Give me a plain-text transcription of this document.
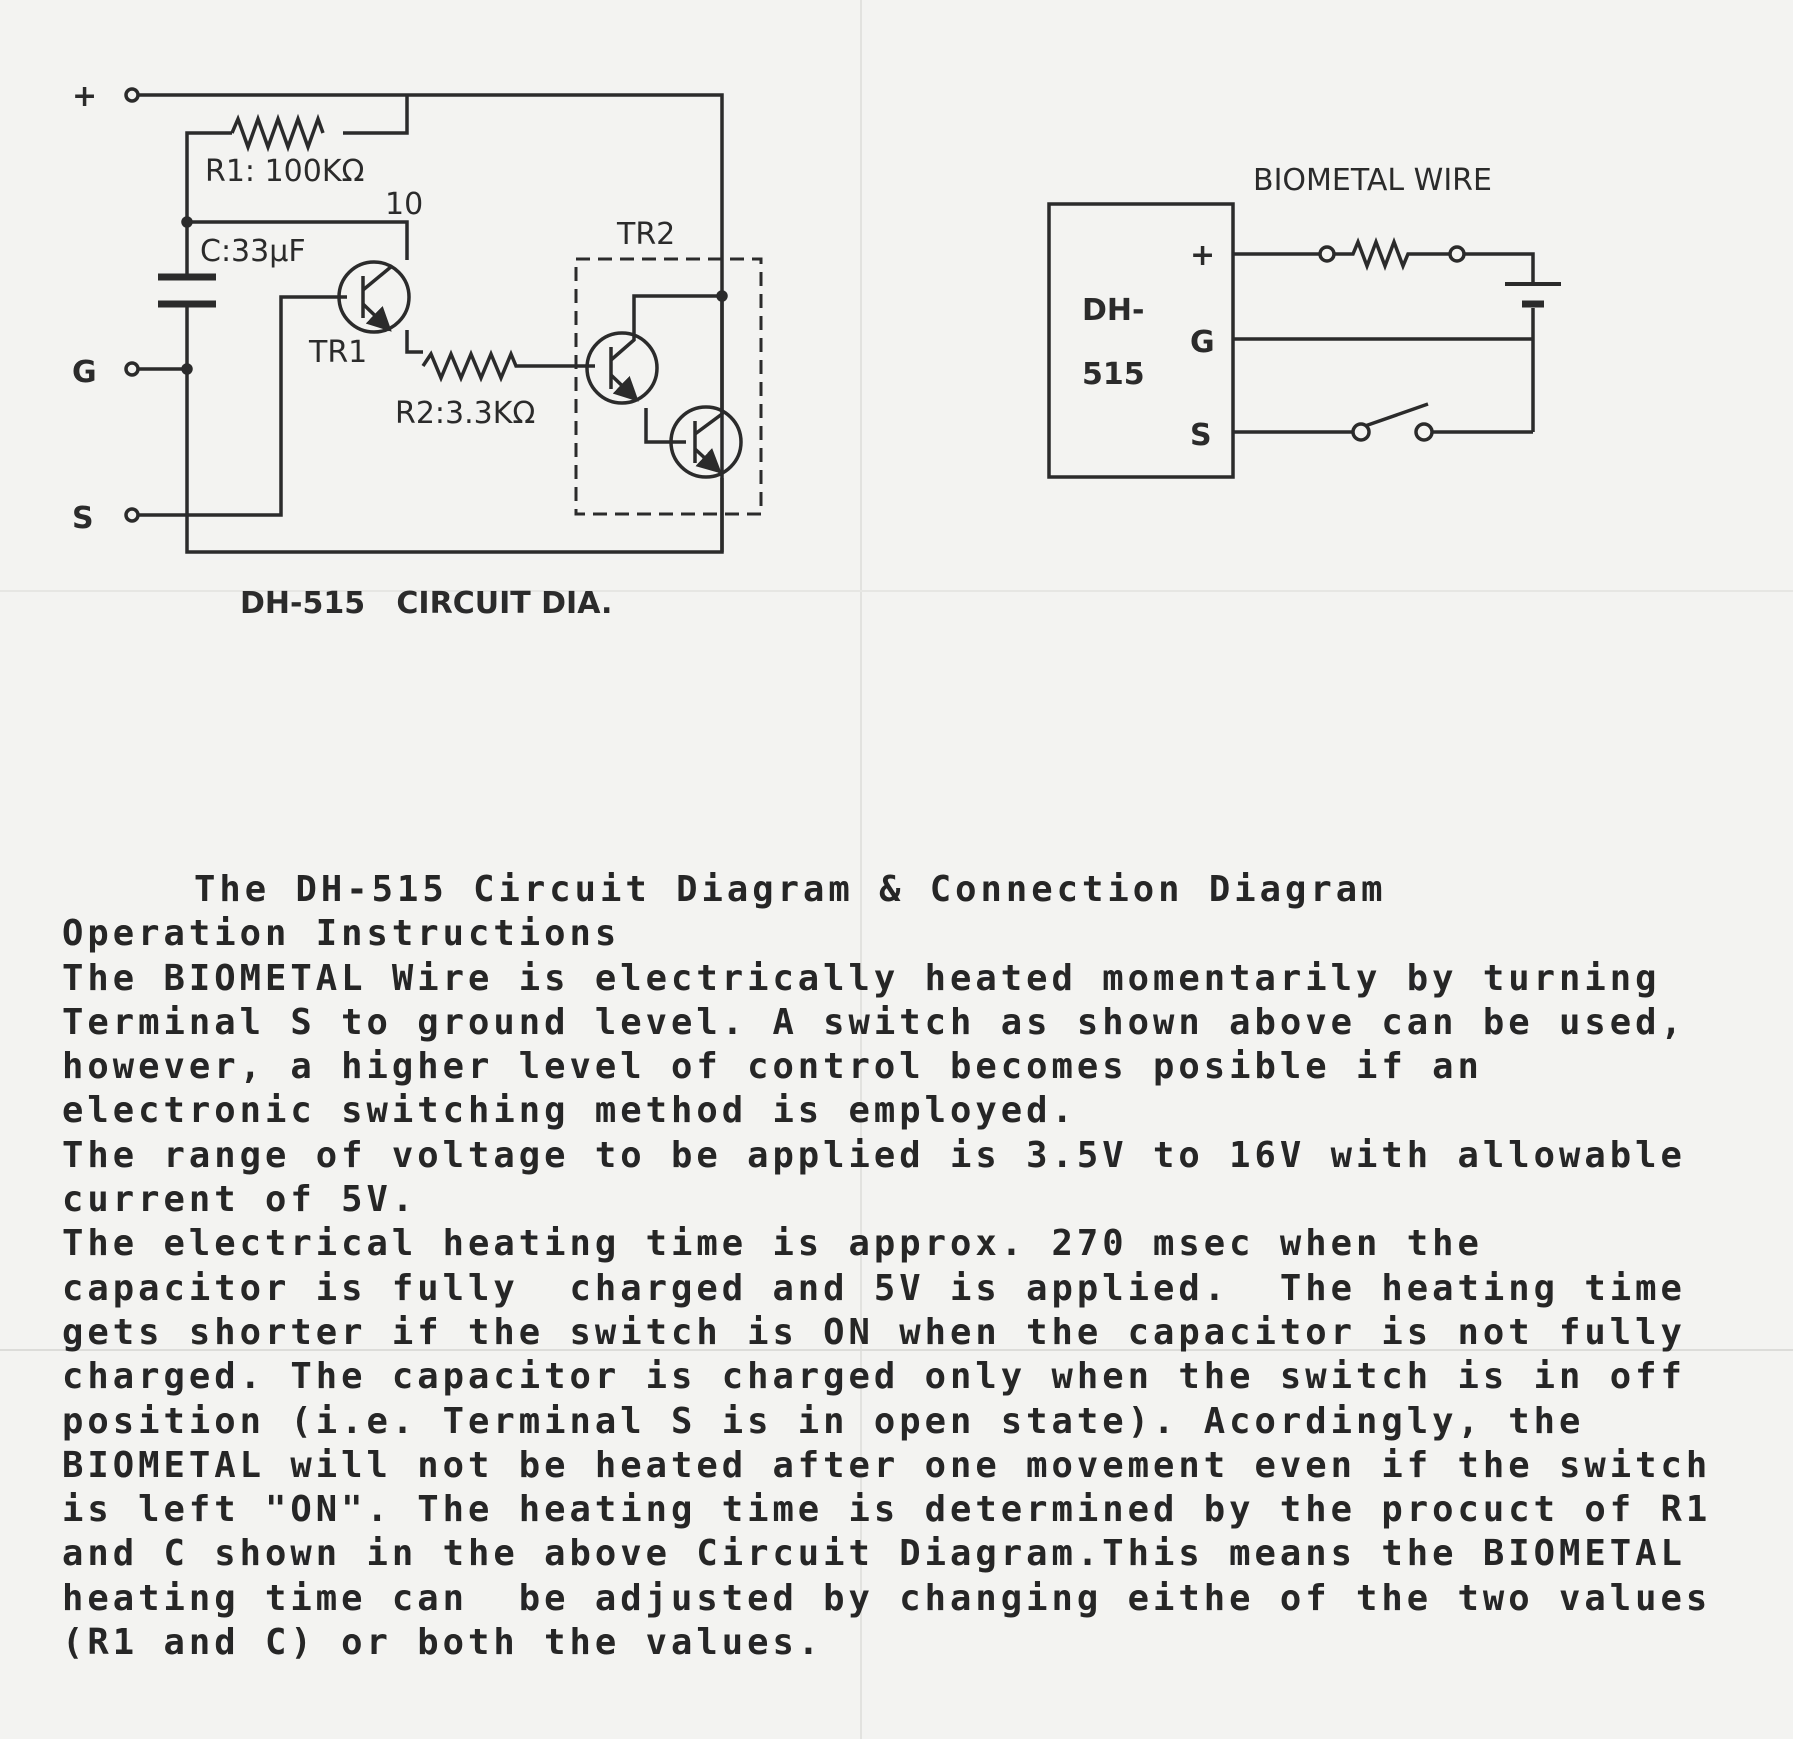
+
G
S
R1: 100KΩ
10
C:33μF
TR1
TR2
R2:3.3KΩ
DH-515   CIRCUIT DIA.
BIOMETAL WIRE
DH-
515
+
G
S
The DH-515 Circuit Diagram & Connection Diagram
Operation Instructions
The BIOMETAL Wire is electrically heated momentarily by turning
Terminal S to ground level. A switch as shown above can be used,
however, a higher level of control becomes posible if an
electronic switching method is employed.
The range of voltage to be applied is 3.5V to 16V with allowable
current of 5V.
The electrical heating time is approx. 270 msec when the
capacitor is fully  charged and 5V is applied.  The heating time
gets shorter if the switch is ON when the capacitor is not fully
charged. The capacitor is charged only when the switch is in off
position (i.e. Terminal S is in open state). Acordingly, the
BIOMETAL will not be heated after one movement even if the switch
is left "ON". The heating time is determined by the procuct of R1
and C shown in the above Circuit Diagram.This means the BIOMETAL
heating time can  be adjusted by changing eithe of the two values
(R1 and C) or both the values.
